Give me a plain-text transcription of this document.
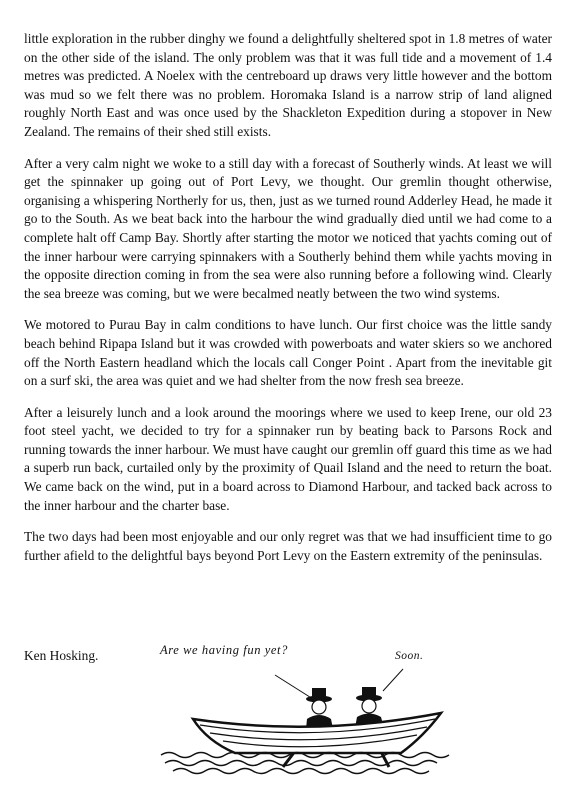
little exploration in the rubber dinghy we found a delightfully sheltered spot in 1.8 metres of water on the other side of the island. The only problem was that it was full tide and a movement of 1.4 metres was predicted. A Noelex with the centreboard up draws very little however and the bottom was mud so we felt there was no problem. Horomaka Island is a narrow strip of land aligned roughly North East and was once used by the Shackleton Expedition during a stopover in New Zealand. The remains of their shed still exists.

After a very calm night we woke to a still day with a forecast of Southerly winds. At least we will get the spinnaker up going out of Port Levy, we thought. Our gremlin thought otherwise, organising a whispering Northerly for us, then, just as we turned round Adderley Head, he made it go to the South. As we beat back into the harbour the wind gradually died until we had come to a complete halt off Camp Bay. Shortly after starting the motor we noticed that yachts coming out of the inner harbour were carrying spinnakers with a Southerly behind them while yachts moving in the opposite direction coming in from the sea were also running before a following wind. Clearly the sea breeze was coming, but we were becalmed neatly between the two wind systems.

We motored to Purau Bay in calm conditions to have lunch. Our first choice was the little sandy beach behind Ripapa Island but it was crowded with powerboats and water skiers so we anchored off the North Eastern headland which the locals call Conger Point . Apart from the inevitable git on a surf ski, the area was quiet and we had shelter from the now fresh sea breeze.

After a leisurely lunch and a look around the moorings where we used to keep Irene, our old 23 foot steel yacht, we decided to try for a spinnaker run by beating back to Parsons Rock and running towards the inner harbour. We must have caught our gremlin off guard this time as we had a superb run back, curtailed only by the proximity of Quail Island and the need to return the boat. We came back on the wind, put in a board across to Diamond Harbour, and tacked back across to the inner harbour and the charter base.

The two days had been most enjoyable and our only regret was that we had insufficient time to go further afield to the delightful bays beyond Port Levy on the Eastern extremity of the peninsulas.

Ken Hosking.	Are we having fun yet?	Soon.
